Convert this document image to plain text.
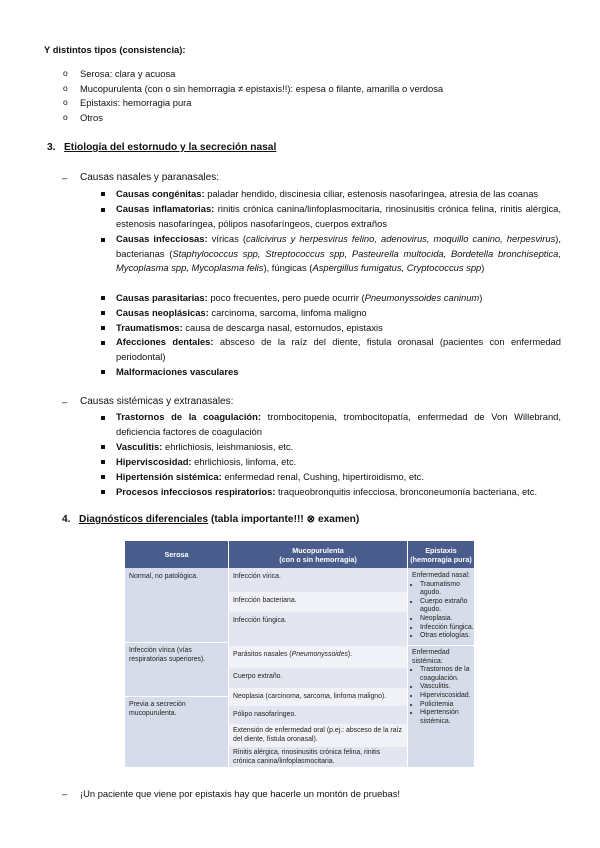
Y distintos tipos (consistencia):
o Serosa: clara y acuosa
o Mucopurulenta (con o sin hemorragia ≠ epistaxis!!): espesa o filante, amarilla o verdosa
o Epistaxis: hemorragia pura
o Otros
3. Etiología del estornudo y la secreción nasal
– Causas nasales y paranasales:
Causas congénitas: paladar hendido, discinesia ciliar, estenosis nasofaríngea, atresia de las coanas
Causas inflamatorias: rinitis crónica canina/linfoplasmocitaria, rinosinusitis crónica felina, rinitis alérgica, estenosis nasofaríngea, pólipos nasofaríngeos, cuerpos extraños
Causas infecciosas: víricas (calicivirus y herpesvirus felino, adenovirus, moquillo canino, herpesvirus), bacterianas (Staphylococcus spp, Streptococcus spp, Pasteurella multocida, Bordetella bronchiseptica, Mycoplasma spp, Mycoplasma felis), fúngicas (Aspergillus fumigatus, Cryptococcus spp)
Causas parasitarias: poco frecuentes, pero puede ocurrir (Pneumonyssoides caninum)
Causas neoplásicas: carcinoma, sarcoma, linfoma maligno
Traumatismos: causa de descarga nasal, estornudos, epistaxis
Afecciones dentales: absceso de la raíz del diente, fistula oronasal (pacientes con enfermedad periodontal)
Malformaciones vasculares
– Causas sistémicas y extranasales:
Trastornos de la coagulación: trombocitopenia, trombocitopatía, enfermedad de Von Willebrand, deficiencia factores de coagulación
Vasculitis: ehrlichiosis, leishmaniosis, etc.
Hiperviscosidad: ehrlichiosis, linfoma, etc.
Hipertensión sistémica: enfermedad renal, Cushing, hipertiroidismo, etc.
Procesos infecciosos respiratorios: traqueobronquitis infecciosa, bronconeumonía bacteriana, etc.
4. Diagnósticos diferenciales (tabla importante!!! ⊗ examen)
Serosa	Mucopurulenta
(con o sin hemorragia)
Epistaxis
(hemorragia pura)
Normal, no patológica.
Infección vírica (vías respiratorias superiores).
Previa a secreción mucopurulenta.
Infección vírica.
Infección bacteriana.
Infección fúngica.
Parásitos nasales (Pneumonyssoides).
Cuerpo extraño.
Neoplasia (carcinoma, sarcoma, linfoma maligno).
Pólipo nasofaríngeo.
Extensión de enfermedad oral (p.ej.: absceso de la raíz del diente, fístula oronasal).
Rinitis alérgica, rinosinusitis crónica felina, rinitis crónica canina/linfoplasmocitaria.
Enfermedad nasal:
• Traumatismo agudo.
• Cuerpo extraño agudo.
• Neoplasia.
• Infección fúngica.
• Otras etiologías.
Enfermedad sistémica:
• Trastornos de la coagulación.
• Vasculitis.
• Hiperviscosidad.
• Policitemia
• Hipertensión sistémica.
– ¡Un paciente que viene por epistaxis hay que hacerle un montón de pruebas!
